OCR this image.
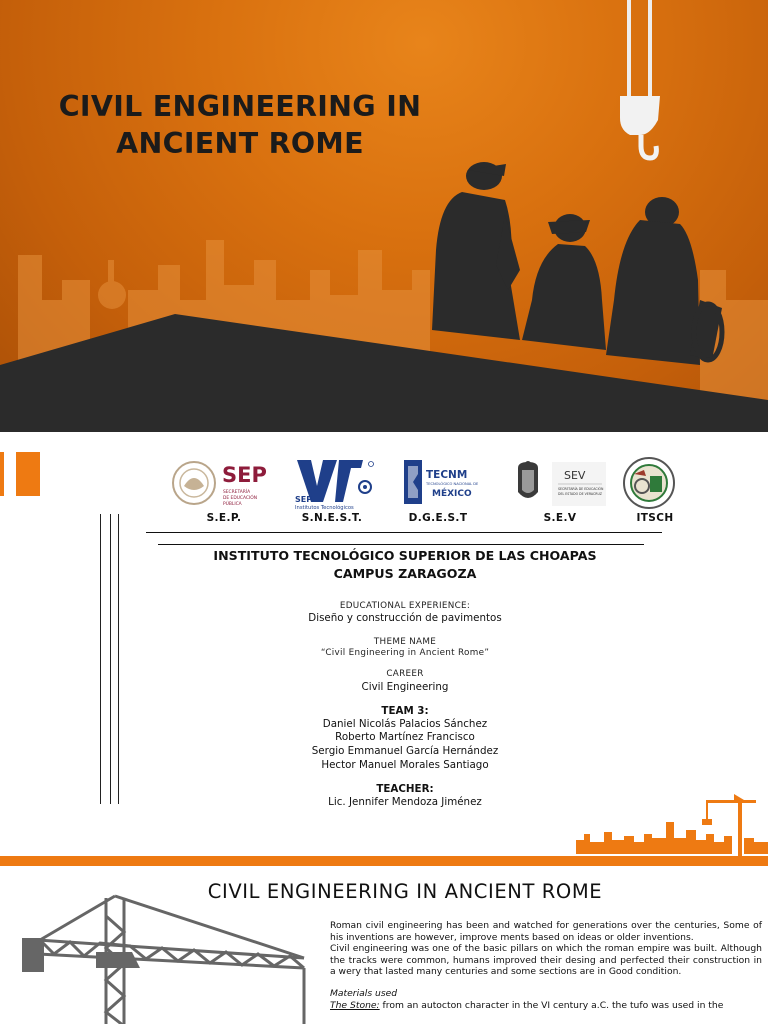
CIVIL ENGINEERING IN
ANCIENT ROME
SEP
SECRETARÍA
DE EDUCACIÓN
PÚBLICA
SEP
Institutos Tecnológicos
TECNM
TECNOLÓGICO NACIONAL DE
MÉXICO
SEV
SECRETARÍA DE EDUCACIÓN
DEL ESTADO DE VERACRUZ
S.E.P.	S.N.E.S.T.	D.G.E.S.T	S.E.V	ITSCH
INSTITUTO TECNOLÓGICO SUPERIOR DE LAS CHOAPAS
CAMPUS ZARAGOZA
EDUCATIONAL EXPERIENCE:
Diseño y construcción de pavimentos
THEME NAME
“Civil Engineering in Ancient Rome”
CAREER
Civil Engineering
TEAM 3:
Daniel Nicolás Palacios Sánchez
Roberto Martínez Francisco
Sergio Emmanuel García Hernández
Hector Manuel Morales Santiago
TEACHER:
Lic. Jennifer Mendoza Jiménez
CIVIL ENGINEERING IN ANCIENT ROME

Roman civil engineering has been and watched for generations over the centuries, Some of his inventions are however, improve ments based on ideas or older inventions.

Civil engineering was one of the basic pillars on which the roman empire was built. Although the tracks were common, humans improved their desing and perfected their construction in a wery that lasted many centuries and some sections are in Good condition.

Materials used

The Stone: from an autocton character in the VI century a.C. the tufo was used in the
